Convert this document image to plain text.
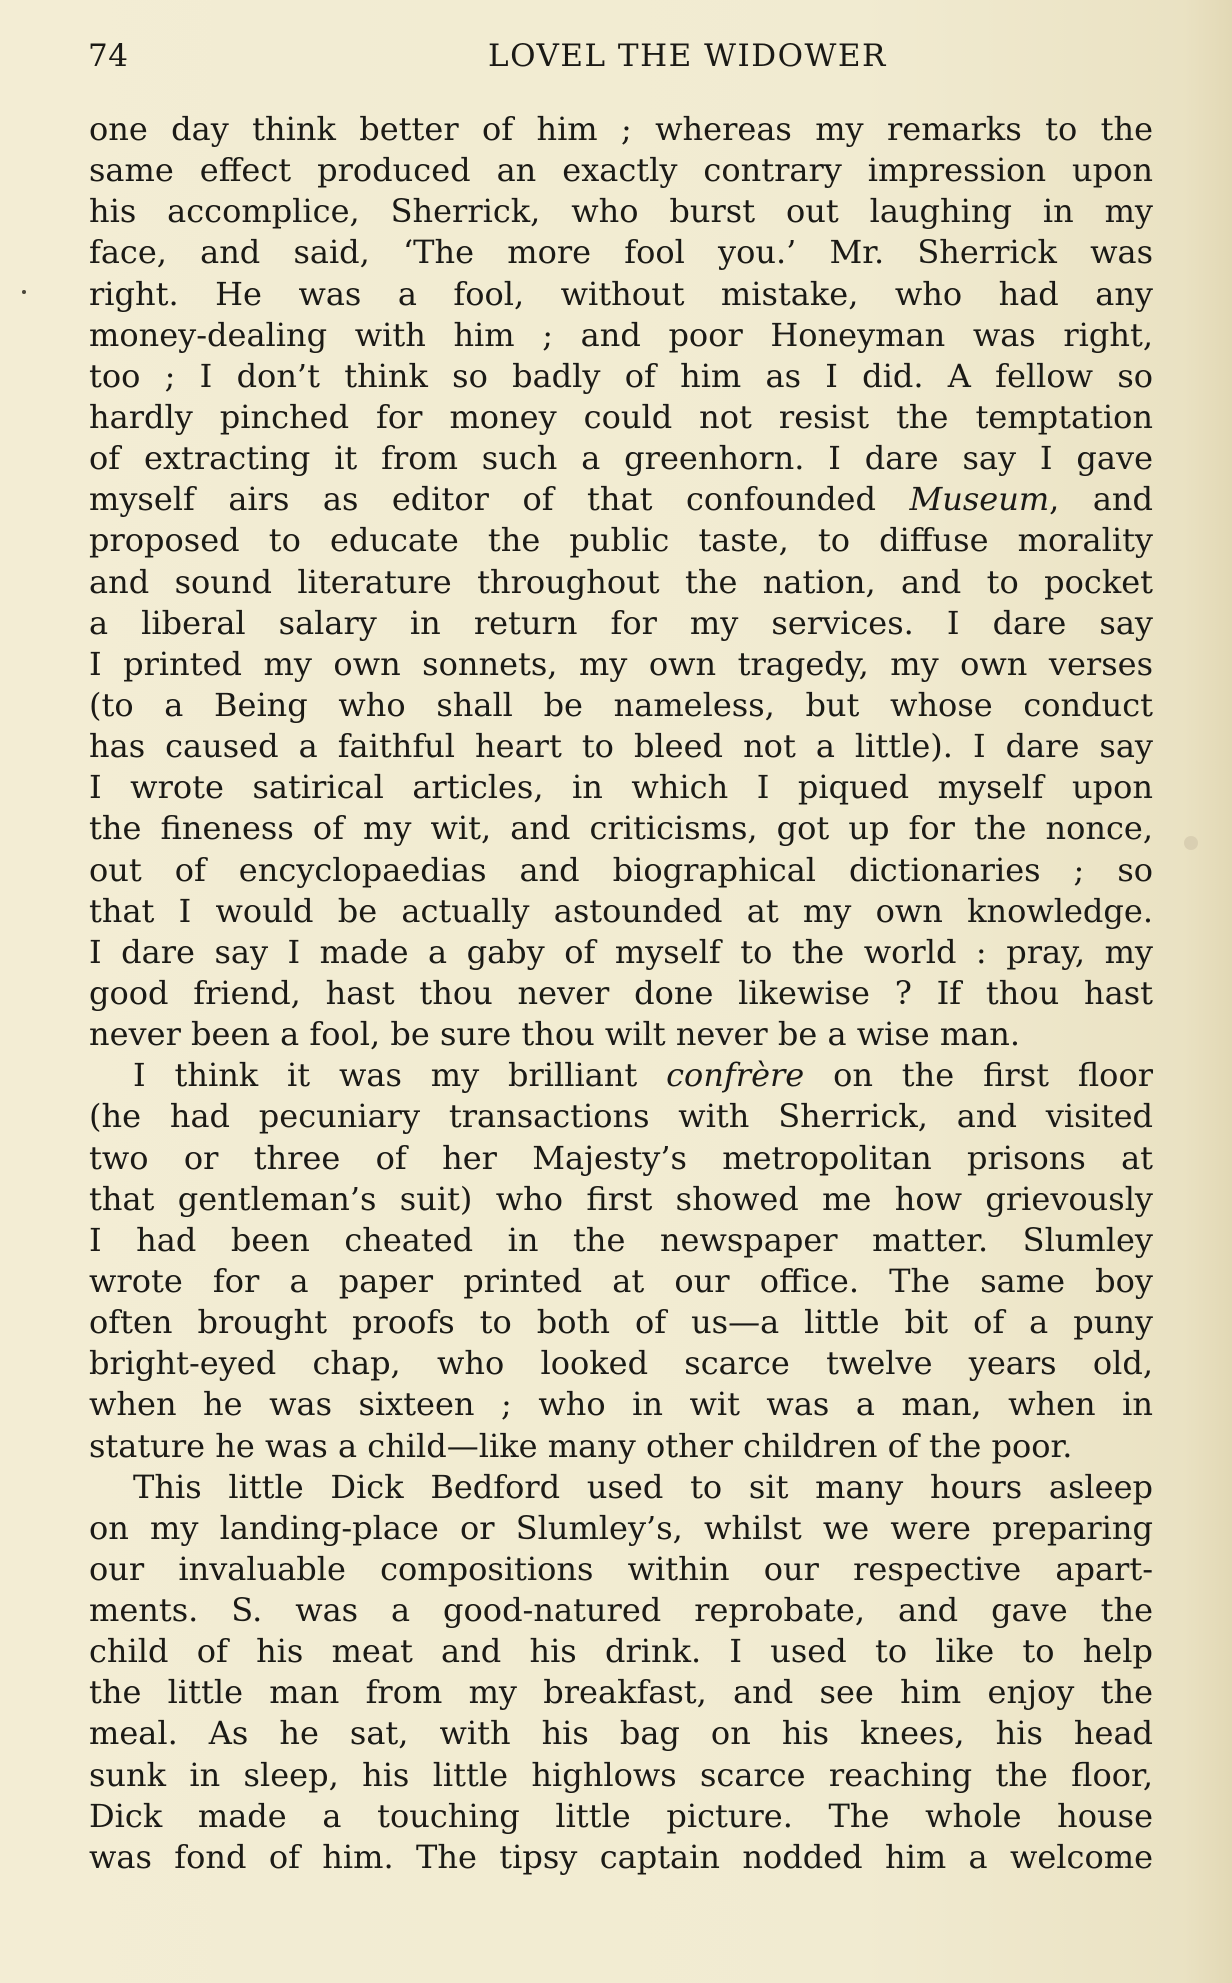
74	LOVEL THE WIDOWER
one day think better of him ; whereas my remarks to the
same effect produced an exactly contrary impression upon
his accomplice, Sherrick, who burst out laughing in my
face, and said, ‘The more fool you.’ Mr. Sherrick was
right. He was a fool, without mistake, who had any
money-dealing with him ; and poor Honeyman was right,
too ; I don’t think so badly of him as I did. A fellow so
hardly pinched for money could not resist the temptation
of extracting it from such a greenhorn. I dare say I gave
myself airs as editor of that confounded Museum, and
proposed to educate the public taste, to diffuse morality
and sound literature throughout the nation, and to pocket
a liberal salary in return for my services. I dare say
I printed my own sonnets, my own tragedy, my own verses
(to a Being who shall be nameless, but whose conduct
has caused a faithful heart to bleed not a little). I dare say
I wrote satirical articles, in which I piqued myself upon
the fineness of my wit, and criticisms, got up for the nonce,
out of encyclopaedias and biographical dictionaries ; so
that I would be actually astounded at my own knowledge.
I dare say I made a gaby of myself to the world : pray, my
good friend, hast thou never done likewise ? If thou hast
never been a fool, be sure thou wilt never be a wise man.
I think it was my brilliant confrère on the first floor
(he had pecuniary transactions with Sherrick, and visited
two or three of her Majesty’s metropolitan prisons at
that gentleman’s suit) who first showed me how grievously
I had been cheated in the newspaper matter. Slumley
wrote for a paper printed at our office. The same boy
often brought proofs to both of us—a little bit of a puny
bright-eyed chap, who looked scarce twelve years old,
when he was sixteen ; who in wit was a man, when in
stature he was a child—like many other children of the poor.
This little Dick Bedford used to sit many hours asleep
on my landing-place or Slumley’s, whilst we were preparing
our invaluable compositions within our respective apart-
ments. S. was a good-natured reprobate, and gave the
child of his meat and his drink. I used to like to help
the little man from my breakfast, and see him enjoy the
meal. As he sat, with his bag on his knees, his head
sunk in sleep, his little highlows scarce reaching the floor,
Dick made a touching little picture. The whole house
was fond of him. The tipsy captain nodded him a welcome
